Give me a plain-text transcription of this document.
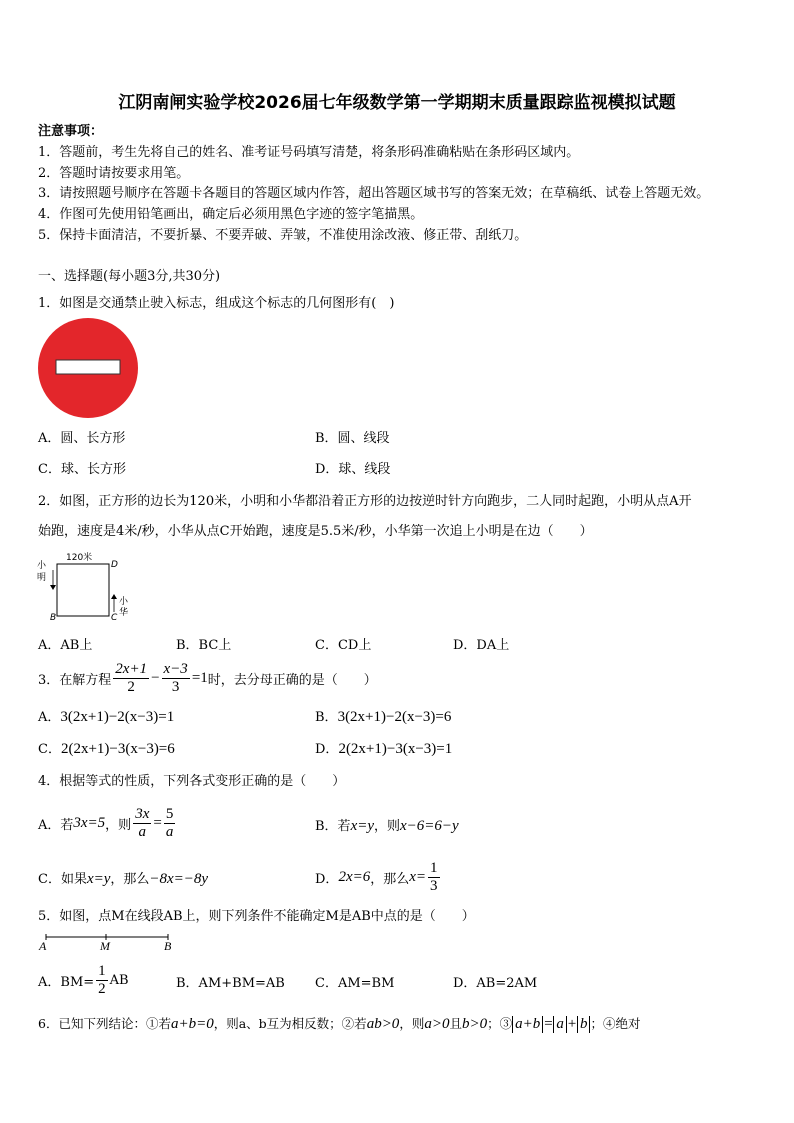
江阴南闸实验学校2026届七年级数学第一学期期末质量跟踪监视模拟试题
注意事项：
1．答题前，考生先将自己的姓名、准考证号码填写清楚，将条形码准确粘贴在条形码区域内。
2．答题时请按要求用笔。
3．请按照题号顺序在答题卡各题目的答题区域内作答，超出答题区域书写的答案无效；在草稿纸、试卷上答题无效。
4．作图可先使用铅笔画出，确定后必须用黑色字迹的签字笔描黑。
5．保持卡面清洁，不要折暴、不要弄破、弄皱，不准使用涂改液、修正带、刮纸刀。
一、选择题(每小题3分,共30分)
1．如图是交通禁止驶入标志，组成这个标志的几何图形有(　)
A．圆、长方形	B．圆、线段
C．球、长方形	D．球、线段
2．如图，正方形的边长为120米，小明和小华都沿着正方形的边按逆时针方向跑步，二人同时起跑，小明从点A开
始跑，速度是4米/秒，小华从点C开始跑，速度是5.5米/秒，小华第一次追上小明是在边（　　）
120米
D
B	C
小
明
小
华
A．AB上	B．BC上	C．CD上	D．DA上
3．在解方程 $\frac{2x+1}{2} - \frac{x-3}{3} =1$ 时，去分母正确的是（　　）
A．3(2x+1)−2(x−3)=1	B．3(2x+1)−2(x−3)=6
C．2(2x+1)−3(x−3)=6	D．2(2x+1)−3(x−3)=1
4．根据等式的性质，下列各式变形正确的是（　　）
A．若 3x=5 ，则 $\frac{3x}{a} = \frac{5}{a}$	B．若x=y，则x−6=6−y
C．如果x=y，那么−8x=−8y	D． 2x=6 ，那么 $x= \frac{1}{3}$
5．如图，点M在线段AB上，则下列条件不能确定M是AB中点的是（　　）
A	M	B
A．$BM= \frac{1}{2}$ AB	B．AM+BM=AB C．AM=BM	D．AB=2AM
6．已知下列结论：①若a+b=0，则a、b互为相反数；②若ab>0，则a>0且b>0；③ a+b = a + b ；④绝对
